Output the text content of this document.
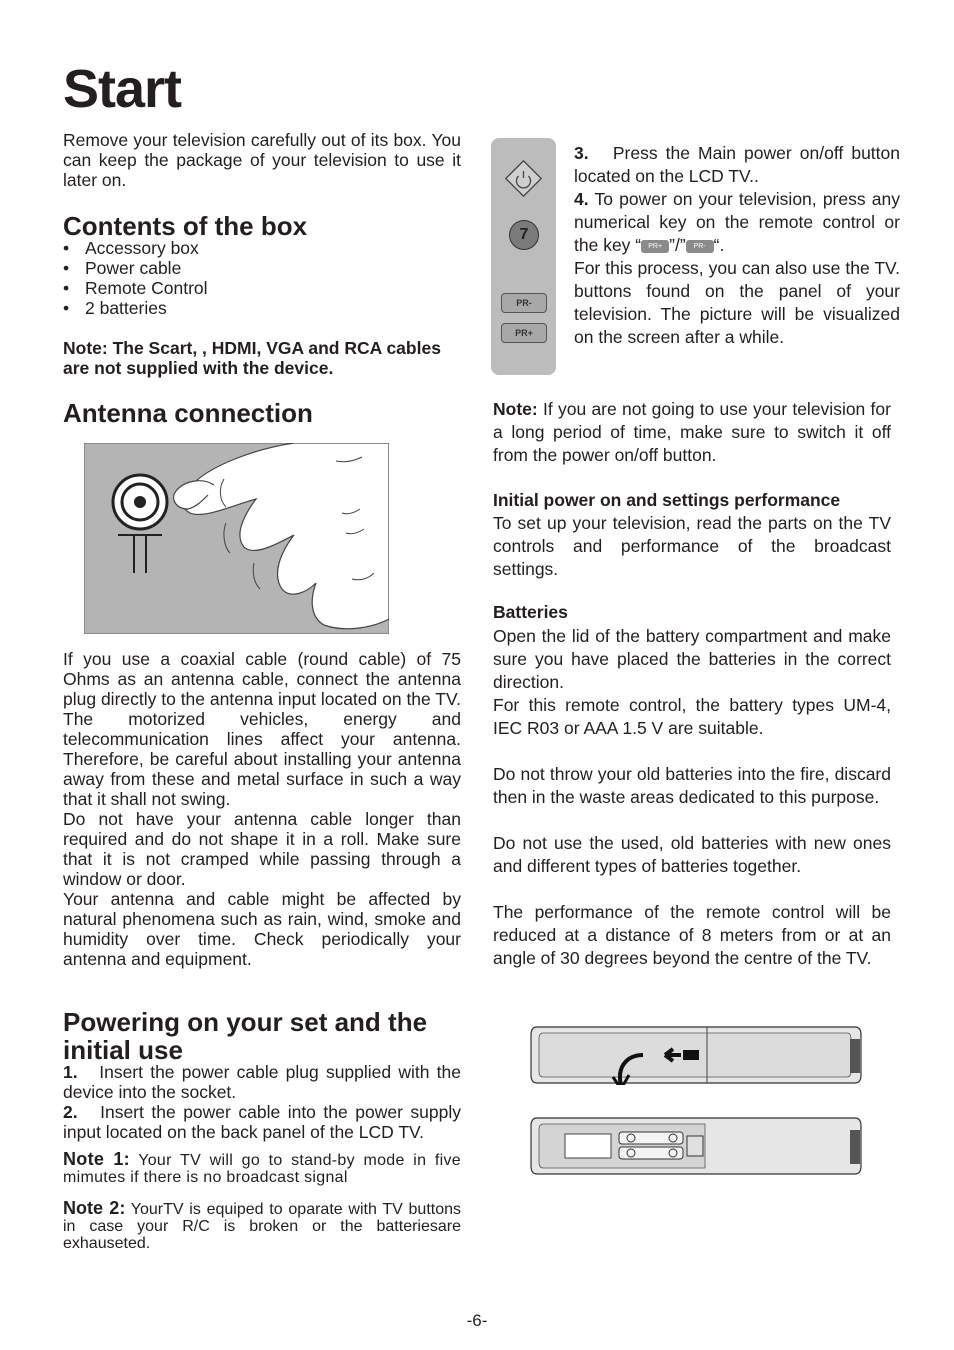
Start

Remove your television carefully out of its box. You can keep the package of your television to use it later on.

Contents of the box
• Accessory box
• Power cable
• Remote Control
• 2 batteries

Note: The Scart, , HDMI, VGA and RCA cables are not supplied with the device.

Antenna connection

If you use a coaxial cable (round cable) of 75 Ohms as an antenna cable, connect the antenna plug directly to the antenna input located on the TV.

The motorized vehicles, energy and telecommunication lines affect your antenna. Therefore, be careful about installing your antenna away from these and metal surface in such a way that it shall not swing.

Do not have your antenna cable longer than required and do not shape it in a roll. Make sure that it is not cramped while passing through a window or door.

Your antenna and cable might be affected by natural phenomena such as rain, wind, smoke and humidity over time. Check periodically your antenna and equipment.

Powering on your set and the initial use

1. Insert the power cable plug supplied with the device into the socket.

2. Insert the power cable into the power supply input located on the back panel of the LCD TV.

Note 1: Your TV will go to stand-by mode in five mimutes if there is no broadcast signal

Note 2: YourTV is equiped to oparate with TV buttons in case your R/C is broken or the batteriesare exhauseted.

7
PR-
PR+

3. Press the Main power on/off button located on the LCD TV..

4. To power on your television, press any numerical key on the remote control or the key “ PR+ ”/” PR- “.

For this process, you can also use the TV. buttons found on the panel of your television. The picture will be visualized on the screen after a while.

Note: If you are not going to use your television for a long period of time, make sure to switch it off from the power on/off button.

Initial power on and settings performance

To set up your television, read the parts on the TV controls and performance of the broadcast settings.

Batteries

Open the lid of the battery compartment and make sure you have placed the batteries in the correct direction.

For this remote control, the battery types UM-4, IEC R03 or AAA 1.5 V are suitable.

Do not throw your old batteries into the fire, discard then in the waste areas dedicated to this purpose.

Do not use the used, old batteries with new ones and different types of batteries together.

The performance of the remote control will be reduced at a distance of 8 meters from or at an angle of 30 degrees beyond the centre of the TV.

-6-
